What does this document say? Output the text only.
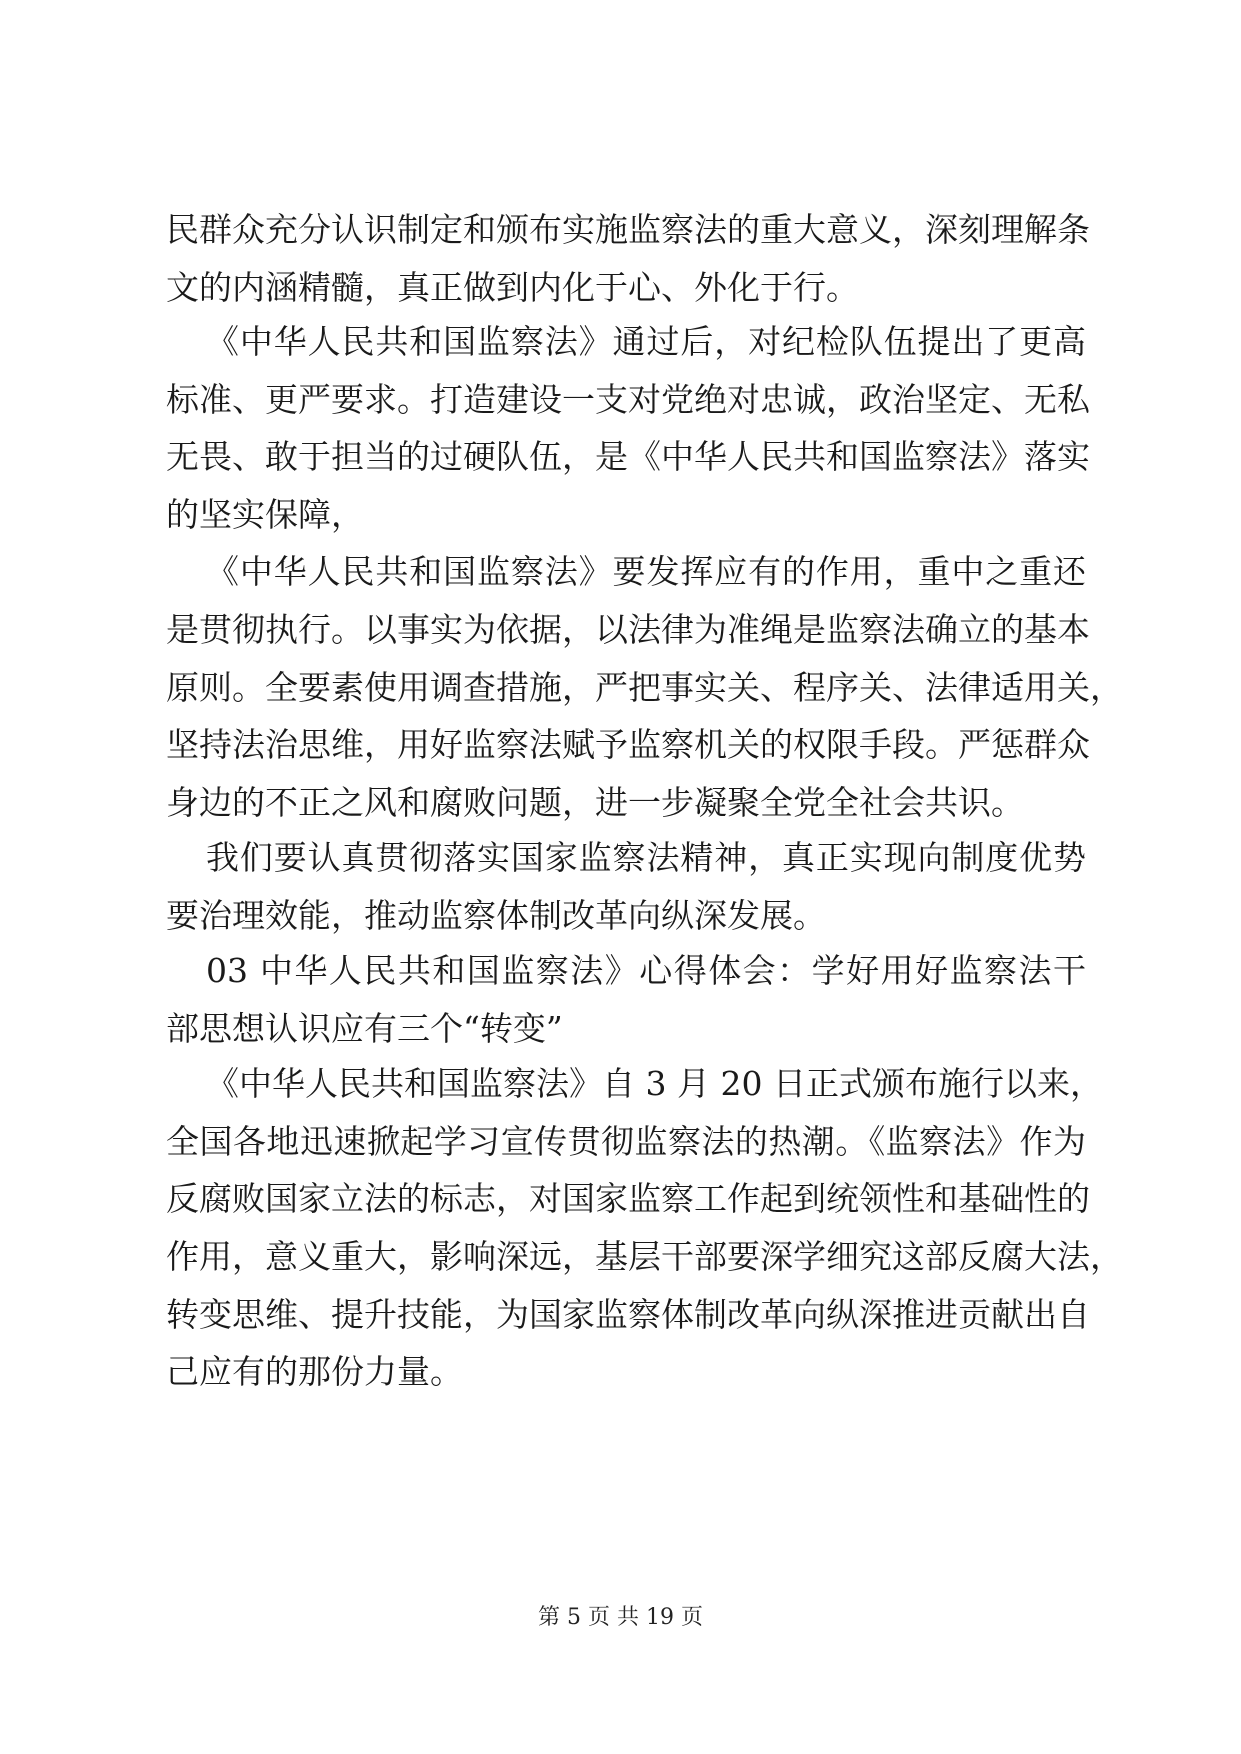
民群众充分认识制定和颁布实施监察法的重大意义，深刻理解条
文的内涵精髓，真正做到内化于心、外化于行。
《中华人民共和国监察法》通过后，对纪检队伍提出了更高
标准、更严要求。打造建设一支对党绝对忠诚，政治坚定、无私
无畏、敢于担当的过硬队伍，是《中华人民共和国监察法》落实
的坚实保障，
《中华人民共和国监察法》要发挥应有的作用，重中之重还
是贯彻执行。以事实为依据，以法律为准绳是监察法确立的基本
原则。全要素使用调查措施，严把事实关、程序关、法律适用关，
坚持法治思维，用好监察法赋予监察机关的权限手段。严惩群众
身边的不正之风和腐败问题，进一步凝聚全党全社会共识。
我们要认真贯彻落实国家监察法精神，真正实现向制度优势
要治理效能，推动监察体制改革向纵深发展。
03 中华人民共和国监察法》心得体会：学好用好监察法干
部思想认识应有三个“转变”
《中华人民共和国监察法》自 3 月 20 日正式颁布施行以来，
全国各地迅速掀起学习宣传贯彻监察法的热潮。《监察法》作为
反腐败国家立法的标志，对国家监察工作起到统领性和基础性的
作用，意义重大，影响深远，基层干部要深学细究这部反腐大法，
转变思维、提升技能，为国家监察体制改革向纵深推进贡献出自
己应有的那份力量。
第 5 页 共 19 页
